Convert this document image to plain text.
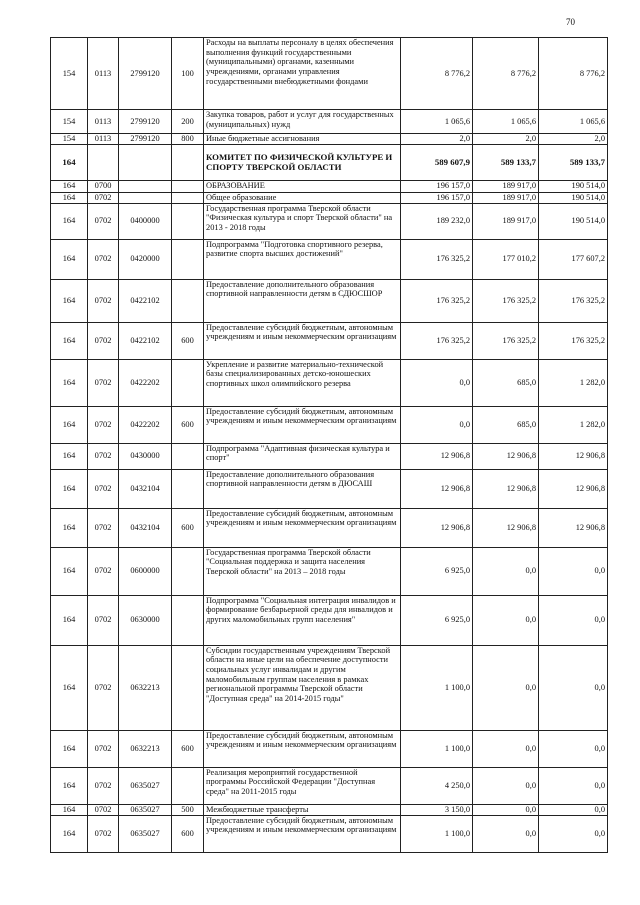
70
154	0113	2799120	100	Расходы на выплаты персоналу в целях обеспечения выполнения функций государственными (муниципальными) органами, казенными учреждениями, органами управления государственными внебюджетными фондами	8 776,2	8 776,2	8 776,2
154	0113	2799120	200	Закупка товаров, работ и услуг для государственных (муниципальных) нужд	1 065,6	1 065,6	1 065,6
154	0113	2799120	800	Иные бюджетные ассигнования	2,0	2,0	2,0
164				КОМИТЕТ ПО ФИЗИЧЕСКОЙ КУЛЬТУРЕ И СПОРТУ ТВЕРСКОЙ ОБЛАСТИ	589 607,9	589 133,7	589 133,7
164	0700			ОБРАЗОВАНИЕ	196 157,0	189 917,0	190 514,0
164	0702			Общее образование	196 157,0	189 917,0	190 514,0
164	0702	0400000		Государственная программа Тверской области "Физическая культура и спорт Тверской области" на 2013 - 2018 годы	189 232,0	189 917,0	190 514,0
164	0702	0420000		Подпрограмма "Подготовка спортивного резерва, развитие спорта высших достижений"	176 325,2	177 010,2	177 607,2
164	0702	0422102		Предоставление дополнительного образования спортивной направленности детям в СДЮСШОР	176 325,2	176 325,2	176 325,2
164	0702	0422102	600	Предоставление субсидий бюджетным, автономным учреждениям и иным некоммерческим организациям	176 325,2	176 325,2	176 325,2
164	0702	0422202		Укрепление и развитие материально-технической базы специализированных детско-юношеских спортивных школ олимпийского резерва	0,0	685,0	1 282,0
164	0702	0422202	600	Предоставление субсидий бюджетным, автономным учреждениям и иным некоммерческим организациям	0,0	685,0	1 282,0
164	0702	0430000		Подпрограмма "Адаптивная физическая культура и спорт"	12 906,8	12 906,8	12 906,8
164	0702	0432104		Предоставление дополнительного образования спортивной направленности детям в ДЮСАШ	12 906,8	12 906,8	12 906,8
164	0702	0432104	600	Предоставление субсидий бюджетным, автономным учреждениям и иным некоммерческим организациям	12 906,8	12 906,8	12 906,8
164	0702	0600000		Государственная программа Тверской области "Социальная поддержка и защита населения Тверской области" на 2013 – 2018 годы	6 925,0	0,0	0,0
164	0702	0630000		Подпрограмма "Социальная интеграция инвалидов и формирование безбарьерной среды для инвалидов и других маломобильных групп населения"	6 925,0	0,0	0,0
164	0702	0632213		Субсидии государственным учреждениям Тверской области на иные цели на обеспечение доступности социальных услуг инвалидам и другим маломобильным группам населения в рамках региональной программы Тверской области "Доступная среда" на 2014-2015 годы"	1 100,0	0,0	0,0
164	0702	0632213	600	Предоставление субсидий бюджетным, автономным учреждениям и иным некоммерческим организациям	1 100,0	0,0	0,0
164	0702	0635027		Реализация мероприятий государственной программы Российской Федерации "Доступная среда" на 2011-2015 годы	4 250,0	0,0	0,0
164	0702	0635027	500	Межбюджетные трансферты	3 150,0	0,0	0,0
164	0702	0635027	600	Предоставление субсидий бюджетным, автономным учреждениям и иным некоммерческим организациям	1 100,0	0,0	0,0
